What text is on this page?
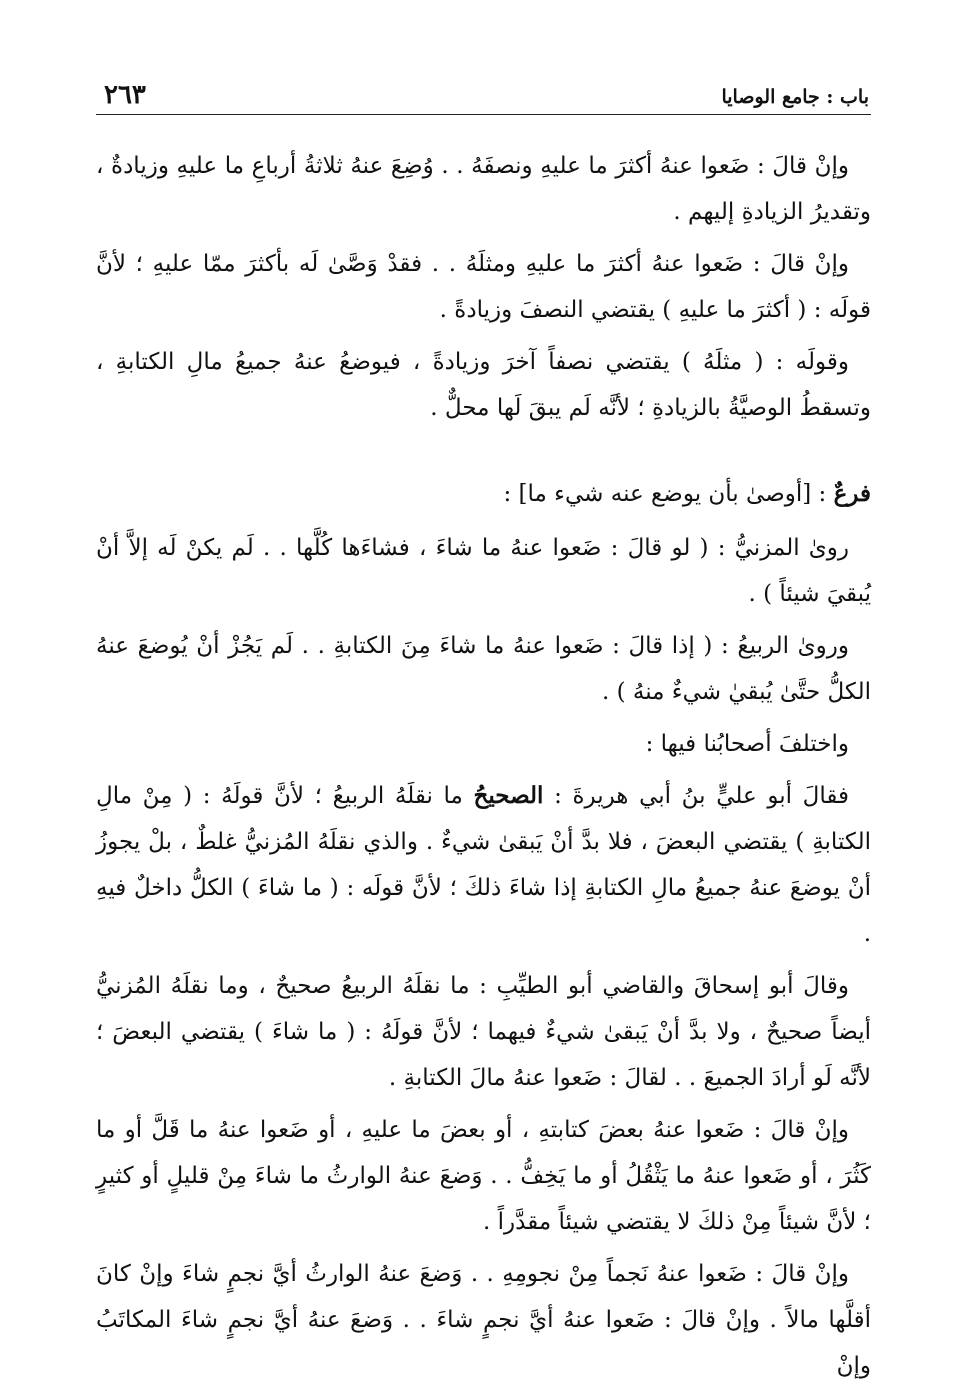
باب : جامع الوصايا
٢٦٣

وإنْ قالَ : ضَعوا عنهُ أكثرَ ما عليهِ ونصفَهُ . . وُضِعَ عنهُ ثلاثةُ أرباعِ ما عليهِ وزيادةٌ ، وتقديرُ الزيادةِ إليهم .

وإنْ قالَ : ضَعوا عنهُ أكثرَ ما عليهِ ومثلَهُ . . فقدْ وَصَّىٰ لَه بأكثرَ ممّا عليهِ ؛ لأنَّ قولَه : ( أكثرَ ما عليهِ ) يقتضي النصفَ وزيادةً .

وقولَه : ( مثلَهُ ) يقتضي نصفاً آخرَ وزيادةً ، فيوضعُ عنهُ جميعُ مالِ الكتابةِ ، وتسقطُ الوصيَّةُ بالزيادةِ ؛ لأنَّه لَم يبقَ لَها محلٌّ .

فرعٌ : [أوصىٰ بأن يوضع عنه شيء ما] :

روىٰ المزنيُّ : ( لو قالَ : ضَعوا عنهُ ما شاءَ ، فشاءَها كُلَّها . . لَم يكنْ لَه إلاَّ أنْ يُبقيَ شيئاً ) .

وروىٰ الربيعُ : ( إذا قالَ : ضَعوا عنهُ ما شاءَ مِنَ الكتابةِ . . لَم يَجُزْ أنْ يُوضعَ عنهُ الكلُّ حتَّىٰ يُبقيٰ شيءٌ منهُ ) .

واختلفَ أصحابُنا فيها :

فقالَ أبو عليٍّ بنُ أبي هريرةَ : الصحيحُ ما نقلَهُ الربيعُ ؛ لأنَّ قولَهُ : ( مِنْ مالِ الكتابةِ ) يقتضي البعضَ ، فلا بدَّ أنْ يَبقىٰ شيءٌ . والذي نقلَهُ المُزنيُّ غلطٌ ، بلْ يجوزُ أنْ يوضعَ عنهُ جميعُ مالِ الكتابةِ إذا شاءَ ذلكَ ؛ لأنَّ قولَه : ( ما شاءَ ) الكلُّ داخلٌ فيهِ .

وقالَ أبو إسحاقَ والقاضي أبو الطيِّبِ : ما نقلَهُ الربيعُ صحيحٌ ، وما نقلَهُ المُزنيُّ أيضاً صحيحٌ ، ولا بدَّ أنْ يَبقىٰ شيءٌ فيهما ؛ لأنَّ قولَهُ : ( ما شاءَ ) يقتضي البعضَ ؛ لأنَّه لَو أرادَ الجميعَ . . لقالَ : ضَعوا عنهُ مالَ الكتابةِ .

وإنْ قالَ : ضَعوا عنهُ بعضَ كتابتهِ ، أو بعضَ ما عليهِ ، أو ضَعوا عنهُ ما قَلَّ أو ما كَثُرَ ، أو ضَعوا عنهُ ما يَثْقُلُ أو ما يَخِفُّ . . وَضعَ عنهُ الوارثُ ما شاءَ مِنْ قليلٍ أو كثيرٍ ؛ لأنَّ شيئاً مِنْ ذلكَ لا يقتضي شيئاً مقدَّراً .

وإنْ قالَ : ضَعوا عنهُ نَجماً مِنْ نجومِهِ . . وَضعَ عنهُ الوارثُ أيَّ نجمٍ شاءَ وإنْ كانَ أقلَّها مالاً . وإنْ قالَ : ضَعوا عنهُ أيَّ نجمٍ شاءَ . . وَضعَ عنهُ أيَّ نجمٍ شاءَ المكاتَبُ وإنْ
